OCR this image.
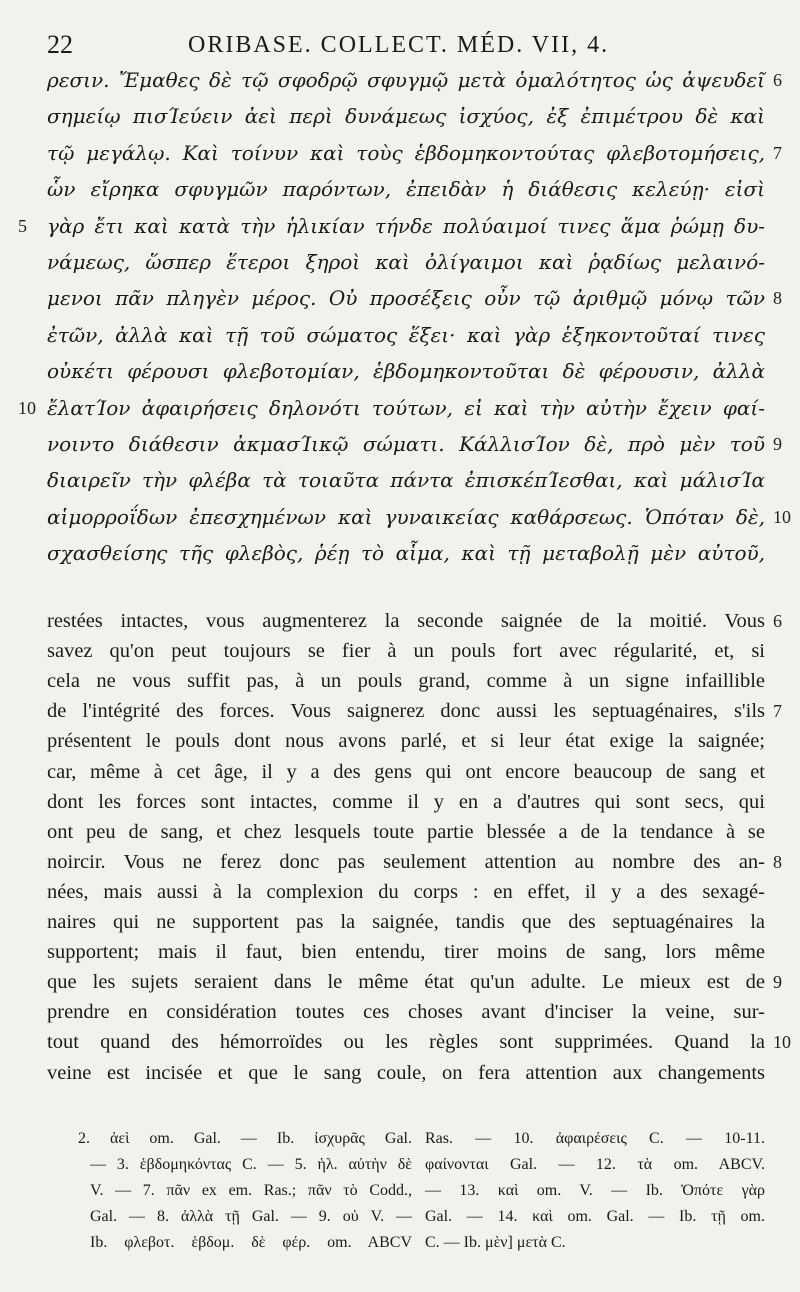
22	ORIBASE. COLLECT. MÉD. VII, 4.
ρεσιν. Ἔμαθες δὲ τῷ σφοδρῷ σφυγμῷ μετὰ ὁμαλότητος ὡς ἀψευδεῖ
σημείῳ πισΊεύειν ἀεὶ περὶ δυνάμεως ἰσχύος, ἐξ ἐπιμέτρου δὲ καὶ
τῷ μεγάλῳ. Καὶ τοίνυν καὶ τοὺς ἑβδομηκοντούτας φλεβοτομήσεις,
ὧν εἴρηκα σφυγμῶν παρόντων, ἐπειδὰν ἡ διάθεσις κελεύῃ· εἰσὶ
γὰρ ἔτι καὶ κατὰ τὴν ἡλικίαν τήνδε πολύαιμοί τινες ἅμα ῥώμῃ δυ-
νάμεως, ὥσπερ ἕτεροι ξηροὶ καὶ ὀλίγαιμοι καὶ ῥᾳδίως μελαινό-
μενοι πᾶν πληγὲν μέρος. Οὐ προσέξεις οὖν τῷ ἀριθμῷ μόνῳ τῶν
ἐτῶν, ἀλλὰ καὶ τῇ τοῦ σώματος ἕξει· καὶ γὰρ ἑξηκοντοῦταί τινες
οὐκέτι φέρουσι φλεβοτομίαν, ἑβδομηκοντοῦται δὲ φέρουσιν, ἀλλὰ
ἔλατΊον ἀφαιρήσεις δηλονότι τούτων, εἰ καὶ τὴν αὐτὴν ἔχειν φαί-
νοιντο διάθεσιν ἀκμασΊικῷ σώματι. ΚάλλισΊον δὲ, πρὸ μὲν τοῦ
διαιρεῖν τὴν φλέβα τὰ τοιαῦτα πάντα ἐπισκέπΊεσθαι, καὶ μάλισΊα
αἱμορροΐδων ἐπεσχημένων καὶ γυναικείας καθάρσεως. Ὁπόταν δὲ,
σχασθείσης τῆς φλεβὸς, ῥέῃ τὸ αἷμα, καὶ τῇ μεταβολῇ μὲν αὐτοῦ,
5
10
6
7
8
9
10
restées intactes, vous augmenterez la seconde saignée de la moitié. Vous
savez qu'on peut toujours se fier à un pouls fort avec régularité, et, si
cela ne vous suffit pas, à un pouls grand, comme à un signe infaillible
de l'intégrité des forces. Vous saignerez donc aussi les septuagénaires, s'ils
présentent le pouls dont nous avons parlé, et si leur état exige la saignée;
car, même à cet âge, il y a des gens qui ont encore beaucoup de sang et
dont les forces sont intactes, comme il y en a d'autres qui sont secs, qui
ont peu de sang, et chez lesquels toute partie blessée a de la tendance à se
noircir. Vous ne ferez donc pas seulement attention au nombre des an-
nées, mais aussi à la complexion du corps : en effet, il y a des sexagé-
naires qui ne supportent pas la saignée, tandis que des septuagénaires la
supportent; mais il faut, bien entendu, tirer moins de sang, lors même
que les sujets seraient dans le même état qu'un adulte. Le mieux est de
prendre en considération toutes ces choses avant d'inciser la veine, sur-
tout quand des hémorroïdes ou les règles sont supprimées. Quand la
veine est incisée et que le sang coule, on fera attention aux changements
6
7
8
9
10
2. ἀεὶ om. Gal. — Ib. ἰσχυρᾶς Gal.
— 3. ἑβδομηκόντας C. — 5. ἡλ. αὐτὴν δὲ
V. — 7. πᾶν ex em. Ras.; πᾶν τὸ Codd.,
Gal. — 8. ἀλλὰ τῇ Gal. — 9. οὐ V. —
Ib. φλεβοτ. ἑβδομ. δὲ φέρ. om. ABCV
Ras. — 10. ἀφαιρέσεις C. — 10-11.
φαίνονται Gal. — 12. τὰ om. ABCV.
— 13. καὶ om. V. — Ib. Ὁπότε γὰρ
Gal. — 14. καὶ om. Gal. — Ib. τῇ om.
C. — Ib. μὲν] μετὰ C.
